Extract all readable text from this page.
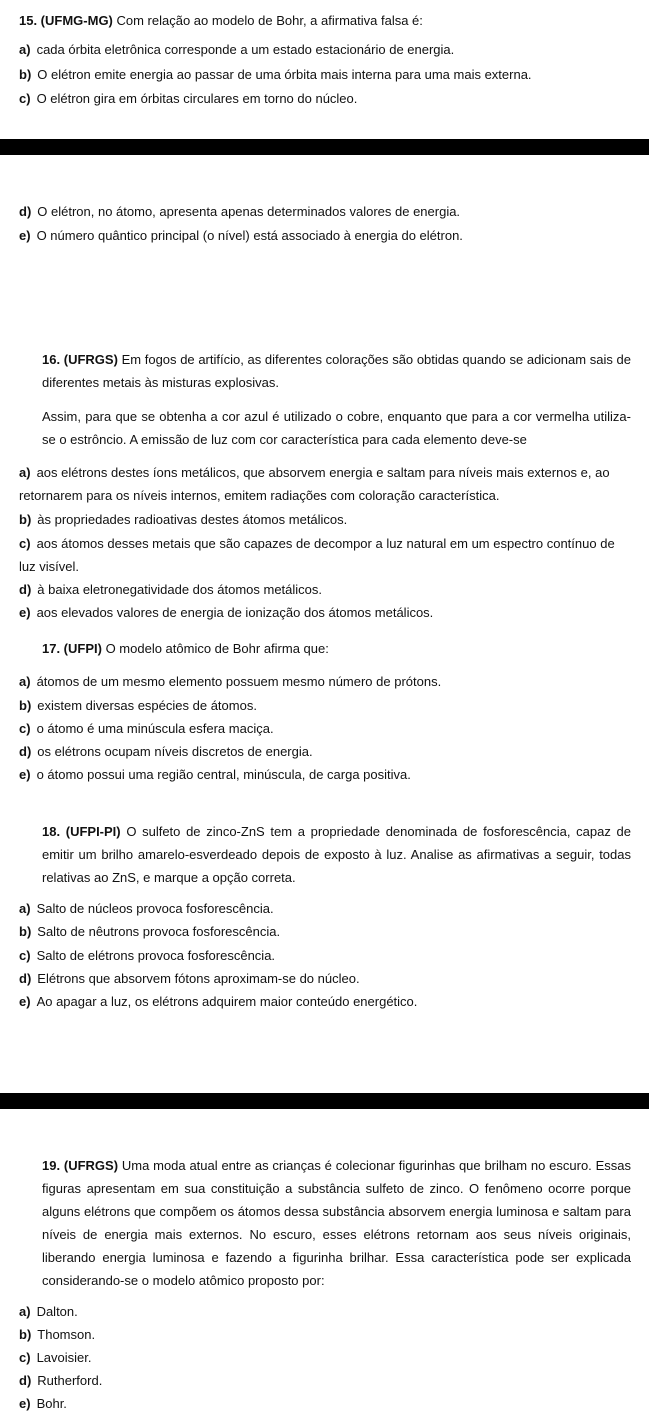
15. (UFMG-MG) Com relação ao modelo de Bohr, a afirmativa falsa é:
a) cada órbita eletrônica corresponde a um estado estacionário de energia.
b) O elétron emite energia ao passar de uma órbita mais interna para uma mais externa.
c) O elétron gira em órbitas circulares em torno do núcleo.
d) O elétron, no átomo, apresenta apenas determinados valores de energia.
e) O número quântico principal (o nível) está associado à energia do elétron.
16. (UFRGS) Em fogos de artifício, as diferentes colorações são obtidas quando se adicionam sais de diferentes metais às misturas explosivas.
Assim, para que se obtenha a cor azul é utilizado o cobre, enquanto que para a cor vermelha utiliza-se o estrôncio. A emissão de luz com cor característica para cada elemento deve-se
a) aos elétrons destes íons metálicos, que absorvem energia e saltam para níveis mais externos e, ao retornarem para os níveis internos, emitem radiações com coloração característica.
b) às propriedades radioativas destes átomos metálicos.
c) aos átomos desses metais que são capazes de decompor a luz natural em um espectro contínuo de luz visível.
d) à baixa eletronegatividade dos átomos metálicos.
e) aos elevados valores de energia de ionização dos átomos metálicos.
17. (UFPI) O modelo atômico de Bohr afirma que:
a) átomos de um mesmo elemento possuem mesmo número de prótons.
b) existem diversas espécies de átomos.
c) o átomo é uma minúscula esfera maciça.
d) os elétrons ocupam níveis discretos de energia.
e) o átomo possui uma região central, minúscula, de carga positiva.
18. (UFPI-PI) O sulfeto de zinco-ZnS tem a propriedade denominada de fosforescência, capaz de emitir um brilho amarelo-esverdeado depois de exposto à luz. Analise as afirmativas a seguir, todas relativas ao ZnS, e marque a opção correta.
a) Salto de núcleos provoca fosforescência.
b) Salto de nêutrons provoca fosforescência.
c) Salto de elétrons provoca fosforescência.
d) Elétrons que absorvem fótons aproximam-se do núcleo.
e) Ao apagar a luz, os elétrons adquirem maior conteúdo energético.
19. (UFRGS) Uma moda atual entre as crianças é colecionar figurinhas que brilham no escuro. Essas figuras apresentam em sua constituição a substância sulfeto de zinco. O fenômeno ocorre porque alguns elétrons que compõem os átomos dessa substância absorvem energia luminosa e saltam para níveis de energia mais externos. No escuro, esses elétrons retornam aos seus níveis originais, liberando energia luminosa e fazendo a figurinha brilhar. Essa característica pode ser explicada considerando-se o modelo atômico proposto por:
a) Dalton.
b) Thomson.
c) Lavoisier.
d) Rutherford.
e) Bohr.
